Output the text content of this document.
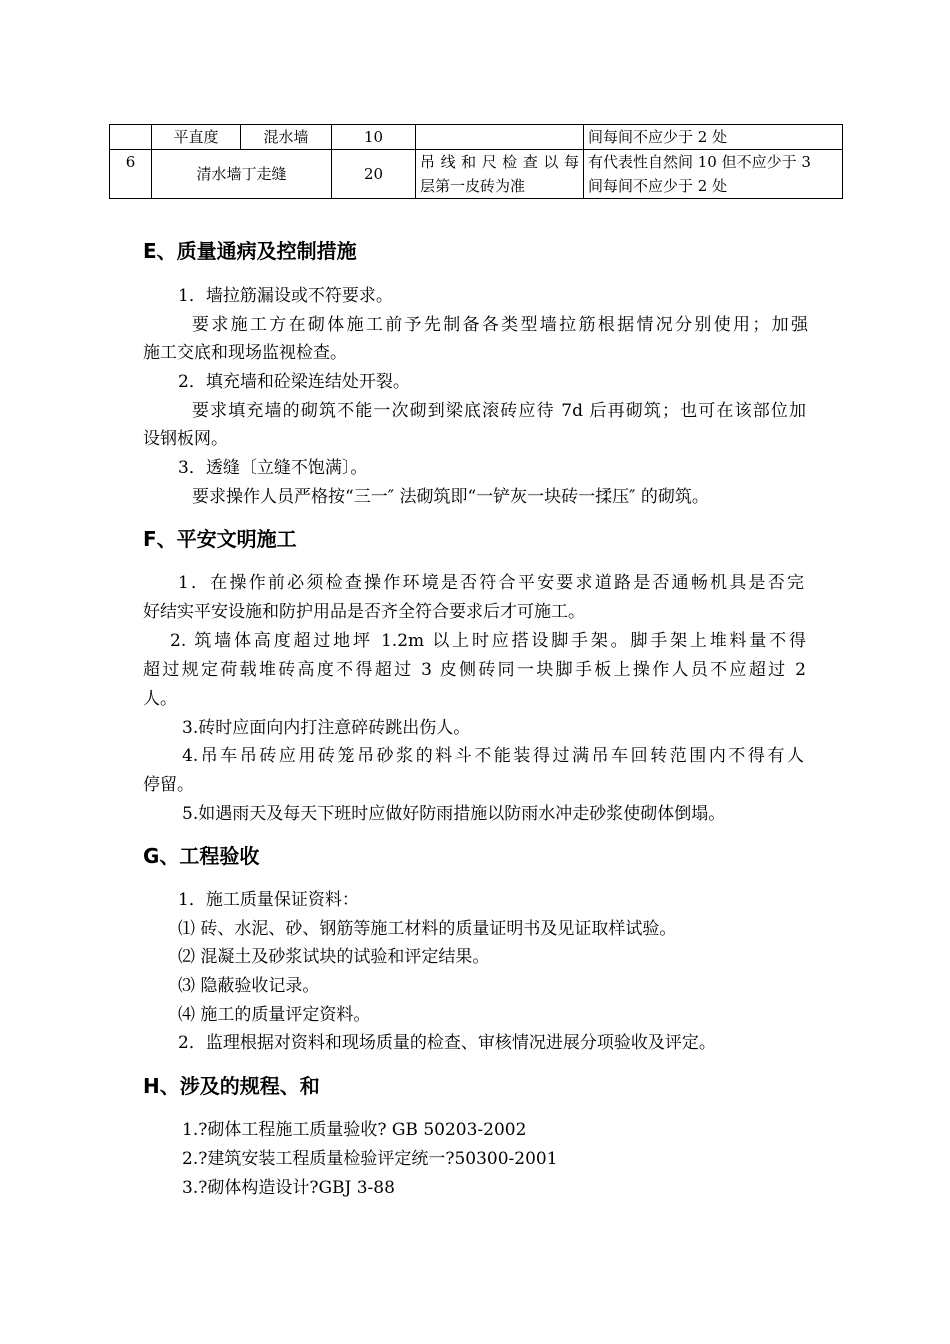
	平直度	混水墙	10		间每间不应少于 2 处
6	清水墙丁走缝		20	吊线和尺检查以每
层第一皮砖为准	有代表性自然间 10 但不应少于 3
间每间不应少于 2 处
E、质量通病及控制措施
1．墙拉筋漏设或不符要求。
要求施工方在砌体施工前予先制备各类型墙拉筋根据情况分别使用；加强
施工交底和现场监视检查。
2．填充墙和砼梁连结处开裂。
要求填充墙的砌筑不能一次砌到梁底滚砖应待 7d 后再砌筑；也可在该部位加
设钢板网。
3．透缝〔立缝不饱满〕。
要求操作人员严格按“三一″ 法砌筑即“一铲灰一块砖一揉压″ 的砌筑。
F、平安文明施工
1．在操作前必须检查操作环境是否符合平安要求道路是否通畅机具是否完
好结实平安设施和防护用品是否齐全符合要求后才可施工。
2. 筑墙体高度超过地坪 1.2m 以上时应搭设脚手架。脚手架上堆料量不得
超过规定荷载堆砖高度不得超过 3 皮侧砖同一块脚手板上操作人员不应超过 2
人。
3.砖时应面向内打注意碎砖跳出伤人。
4.吊车吊砖应用砖笼吊砂浆的料斗不能装得过满吊车回转范围内不得有人
停留。
5.如遇雨天及每天下班时应做好防雨措施以防雨水冲走砂浆使砌体倒塌。
G、工程验收
1．施工质量保证资料：
⑴ 砖、水泥、砂、钢筋等施工材料的质量证明书及见证取样试验。
⑵ 混凝土及砂浆试块的试验和评定结果。
⑶ 隐蔽验收记录。
⑷ 施工的质量评定资料。
2．监理根据对资料和现场质量的检查、审核情况进展分项验收及评定。
H、涉及的规程、和
1.?砌体工程施工质量验收? GB 50203-2002
2.?建筑安装工程质量检验评定统一?50300-2001
3.?砌体构造设计?GBJ 3-88
